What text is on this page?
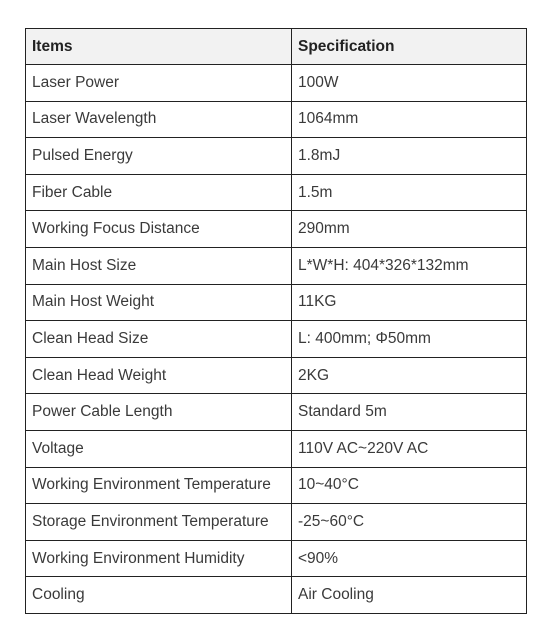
Items	Specification
Laser Power	100W
Laser Wavelength	1064mm
Pulsed Energy	1.8mJ
Fiber Cable	1.5m
Working Focus Distance	290mm
Main Host Size	L*W*H: 404*326*132mm
Main Host Weight	11KG
Clean Head Size	L: 400mm; Φ50mm
Clean Head Weight	2KG
Power Cable Length	Standard 5m
Voltage	110V AC~220V AC
Working Environment Temperature	10~40°C
Storage Environment Temperature	-25~60°C
Working Environment Humidity	<90%
Cooling	Air Cooling
